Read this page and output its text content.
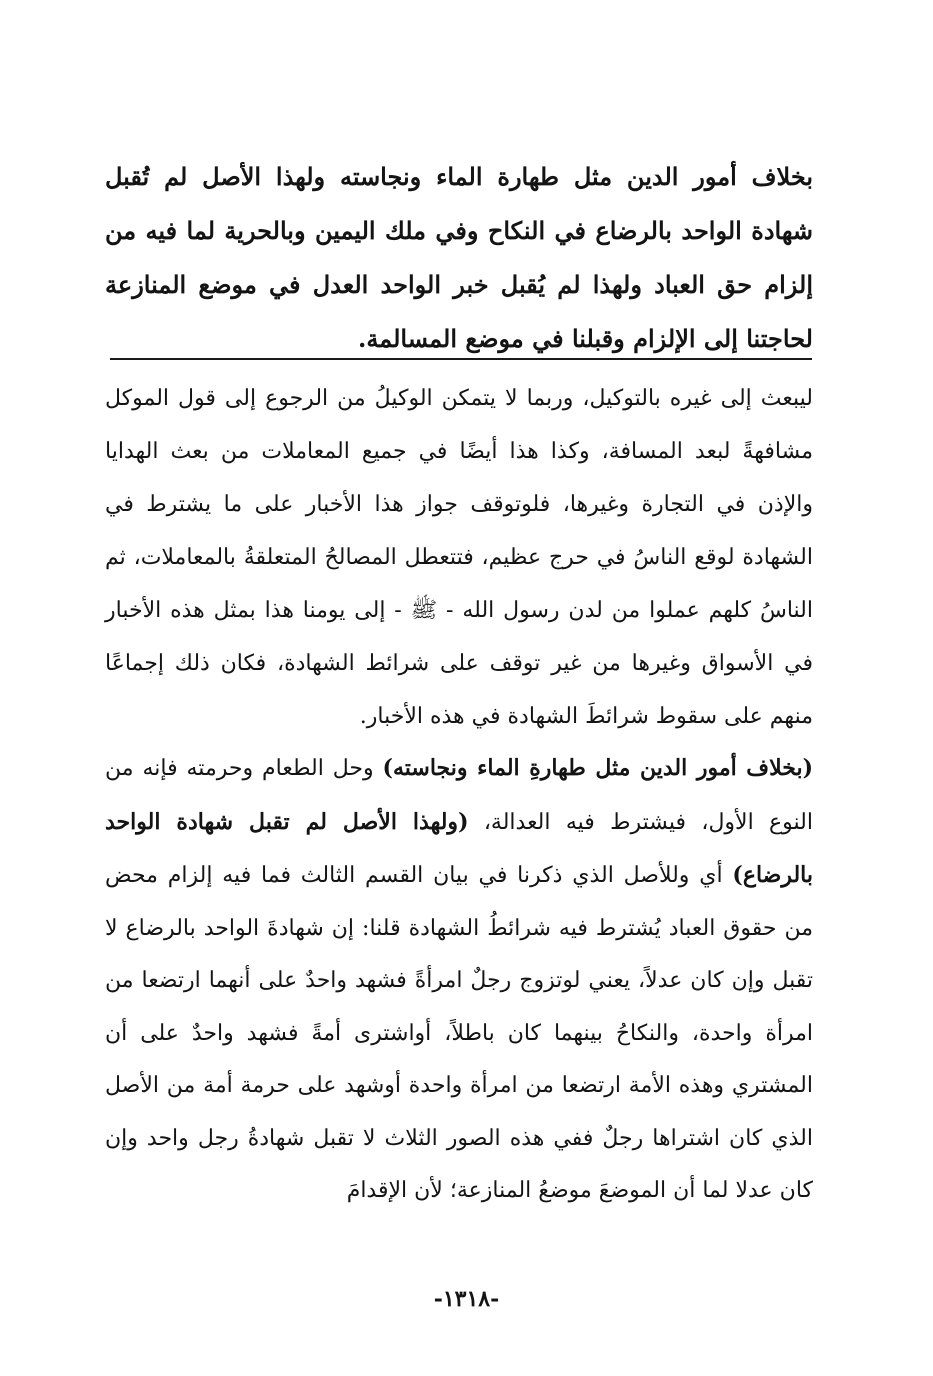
بخلاف أمور الدين مثل طهارة الماء ونجاسته ولهذا الأصل لم تُقبل شهادة الواحد بالرضاع في النكاح وفي ملك اليمين وبالحرية لما فيه من إلزام حق العباد ولهذا لم يُقبل خبر الواحد العدل في موضع المنازعة لحاجتنا إلى الإلزام وقبلنا في موضع المسالمة.

ليبعث إلى غيره بالتوكيل، وربما لا يتمكن الوكيلُ من الرجوع إلى قول الموكل مشافهةً لبعد المسافة، وكذا هذا أيضًا في جميع المعاملات من بعث الهدايا والإذن في التجارة وغيرها، فلوتوقف جواز هذا الأخبار على ما يشترط في الشهادة لوقع الناسُ في حرج عظيم، فتتعطل المصالحُ المتعلقةُ بالمعاملات، ثم الناسُ كلهم عملوا من لدن رسول الله - ﷺ - إلى يومنا هذا بمثل هذه الأخبار في الأسواق وغيرها من غير توقف على شرائط الشهادة، فكان ذلك إجماعًا منهم على سقوط شرائطَ الشهادة في هذه الأخبار.

(بخلاف أمور الدين مثل طهارةِ الماء ونجاسته) وحل الطعام وحرمته فإنه من النوع الأول، فيشترط فيه العدالة، (ولهذا الأصل لم تقبل شهادة الواحد بالرضاع) أي وللأصل الذي ذكرنا في بيان القسم الثالث فما فيه إلزام محض من حقوق العباد يُشترط فيه شرائطُ الشهادة قلنا: إن شهادةَ الواحد بالرضاع لا تقبل وإن كان عدلاً، يعني لوتزوج رجلٌ امرأةً فشهد واحدٌ على أنهما ارتضعا من امرأة واحدة، والنكاحُ بينهما كان باطلاً، أواشترى أمةً فشهد واحدٌ على أن المشتري وهذه الأمة ارتضعا من امرأة واحدة أوشهد على حرمة أمة من الأصل الذي كان اشتراها رجلٌ ففي هذه الصور الثلاث لا تقبل شهادةُ رجل واحد وإن كان عدلا لما أن الموضعَ موضعُ المنازعة؛ لأن الإقدامَ

-١٣١٨-
